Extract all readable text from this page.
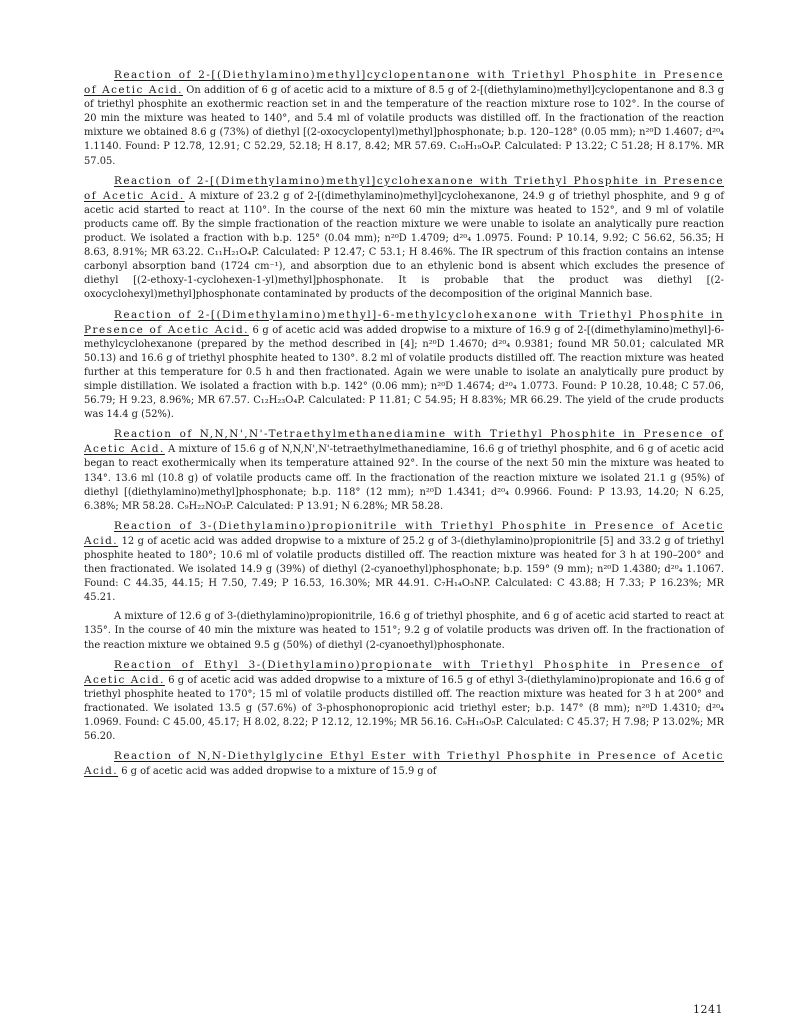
Reaction of 2-[(Diethylamino)methyl]cyclopentanone with Triethyl Phosphite in Presence of Acetic Acid. On addition of 6 g of acetic acid to a mixture of 8.5 g of 2-[(diethylamino)methyl]cyclopentanone and 8.3 g of triethyl phosphite an exothermic reaction set in and the temperature of the reaction mixture rose to 102°. In the course of 20 min the mixture was heated to 140°, and 5.4 ml of volatile products was distilled off. In the fractionation of the reaction mixture we obtained 8.6 g (73%) of diethyl [(2-oxocyclopentyl)methyl]phosphonate; b.p. 120–128° (0.05 mm); n²⁰D 1.4607; d²⁰₄ 1.1140. Found: P 12.78, 12.91; C 52.29, 52.18; H 8.17, 8.42; MR 57.69. C₁₀H₁₉O₄P. Calculated: P 13.22; C 51.28; H 8.17%. MR 57.05.

Reaction of 2-[(Dimethylamino)methyl]cyclohexanone with Triethyl Phosphite in Presence of Acetic Acid. A mixture of 23.2 g of 2-[(dimethylamino)methyl]cyclohexanone, 24.9 g of triethyl phosphite, and 9 g of acetic acid started to react at 110°. In the course of the next 60 min the mixture was heated to 152°, and 9 ml of volatile products came off. By the simple fractionation of the reaction mixture we were unable to isolate an analytically pure reaction product. We isolated a fraction with b.p. 125° (0.04 mm); n²⁰D 1.4709; d²⁰₄ 1.0975. Found: P 10.14, 9.92; C 56.62, 56.35; H 8.63, 8.91%; MR 63.22. C₁₁H₂₁O₄P. Calculated: P 12.47; C 53.1; H 8.46%. The IR spectrum of this fraction contains an intense carbonyl absorption band (1724 cm⁻¹), and absorption due to an ethylenic bond is absent which excludes the presence of diethyl [(2-ethoxy-1-cyclohexen-1-yl)methyl]phosphonate. It is probable that the product was diethyl [(2-oxocyclohexyl)methyl]phosphonate contaminated by products of the decomposition of the original Mannich base.

Reaction of 2-[(Dimethylamino)methyl]-6-methylcyclohexanone with Triethyl Phosphite in Presence of Acetic Acid. 6 g of acetic acid was added dropwise to a mixture of 16.9 g of 2-[(dimethylamino)methyl]-6-methylcyclohexanone (prepared by the method described in [4]; n²⁰D 1.4670; d²⁰₄ 0.9381; found MR 50.01; calculated MR 50.13) and 16.6 g of triethyl phosphite heated to 130°. 8.2 ml of volatile products distilled off. The reaction mixture was heated further at this temperature for 0.5 h and then fractionated. Again we were unable to isolate an analytically pure product by simple distillation. We isolated a fraction with b.p. 142° (0.06 mm); n²⁰D 1.4674; d²⁰₄ 1.0773. Found: P 10.28, 10.48; C 57.06, 56.79; H 9.23, 8.96%; MR 67.57. C₁₂H₂₃O₄P. Calculated: P 11.81; C 54.95; H 8.83%; MR 66.29. The yield of the crude products was 14.4 g (52%).

Reaction of N,N,N',N'-Tetraethylmethanediamine with Triethyl Phosphite in Presence of Acetic Acid. A mixture of 15.6 g of N,N,N',N'-tetraethylmethanediamine, 16.6 g of triethyl phosphite, and 6 g of acetic acid began to react exothermically when its temperature attained 92°. In the course of the next 50 min the mixture was heated to 134°. 13.6 ml (10.8 g) of volatile products came off. In the fractionation of the reaction mixture we isolated 21.1 g (95%) of diethyl [(diethylamino)methyl]phosphonate; b.p. 118° (12 mm); n²⁰D 1.4341; d²⁰₄ 0.9966. Found: P 13.93, 14.20; N 6.25, 6.38%; MR 58.28. C₉H₂₂NO₃P. Calculated: P 13.91; N 6.28%; MR 58.28.

Reaction of 3-(Diethylamino)propionitrile with Triethyl Phosphite in Presence of Acetic Acid. 12 g of acetic acid was added dropwise to a mixture of 25.2 g of 3-(diethylamino)propionitrile [5] and 33.2 g of triethyl phosphite heated to 180°; 10.6 ml of volatile products distilled off. The reaction mixture was heated for 3 h at 190–200° and then fractionated. We isolated 14.9 g (39%) of diethyl (2-cyanoethyl)phosphonate; b.p. 159° (9 mm); n²⁰D 1.4380; d²⁰₄ 1.1067. Found: C 44.35, 44.15; H 7.50, 7.49; P 16.53, 16.30%; MR 44.91. C₇H₁₄O₃NP. Calculated: C 43.88; H 7.33; P 16.23%; MR 45.21.

A mixture of 12.6 g of 3-(diethylamino)propionitrile, 16.6 g of triethyl phosphite, and 6 g of acetic acid started to react at 135°. In the course of 40 min the mixture was heated to 151°; 9.2 g of volatile products was driven off. In the fractionation of the reaction mixture we obtained 9.5 g (50%) of diethyl (2-cyanoethyl)phosphonate.

Reaction of Ethyl 3-(Diethylamino)propionate with Triethyl Phosphite in Presence of Acetic Acid. 6 g of acetic acid was added dropwise to a mixture of 16.5 g of ethyl 3-(diethylamino)propionate and 16.6 g of triethyl phosphite heated to 170°; 15 ml of volatile products distilled off. The reaction mixture was heated for 3 h at 200° and fractionated. We isolated 13.5 g (57.6%) of 3-phosphonopropionic acid triethyl ester; b.p. 147° (8 mm); n²⁰D 1.4310; d²⁰₄ 1.0969. Found: C 45.00, 45.17; H 8.02, 8.22; P 12.12, 12.19%; MR 56.16. C₉H₁₉O₅P. Calculated: C 45.37; H 7.98; P 13.02%; MR 56.20.

Reaction of N,N-Diethylglycine Ethyl Ester with Triethyl Phosphite in Presence of Acetic Acid. 6 g of acetic acid was added dropwise to a mixture of 15.9 g of

1241
